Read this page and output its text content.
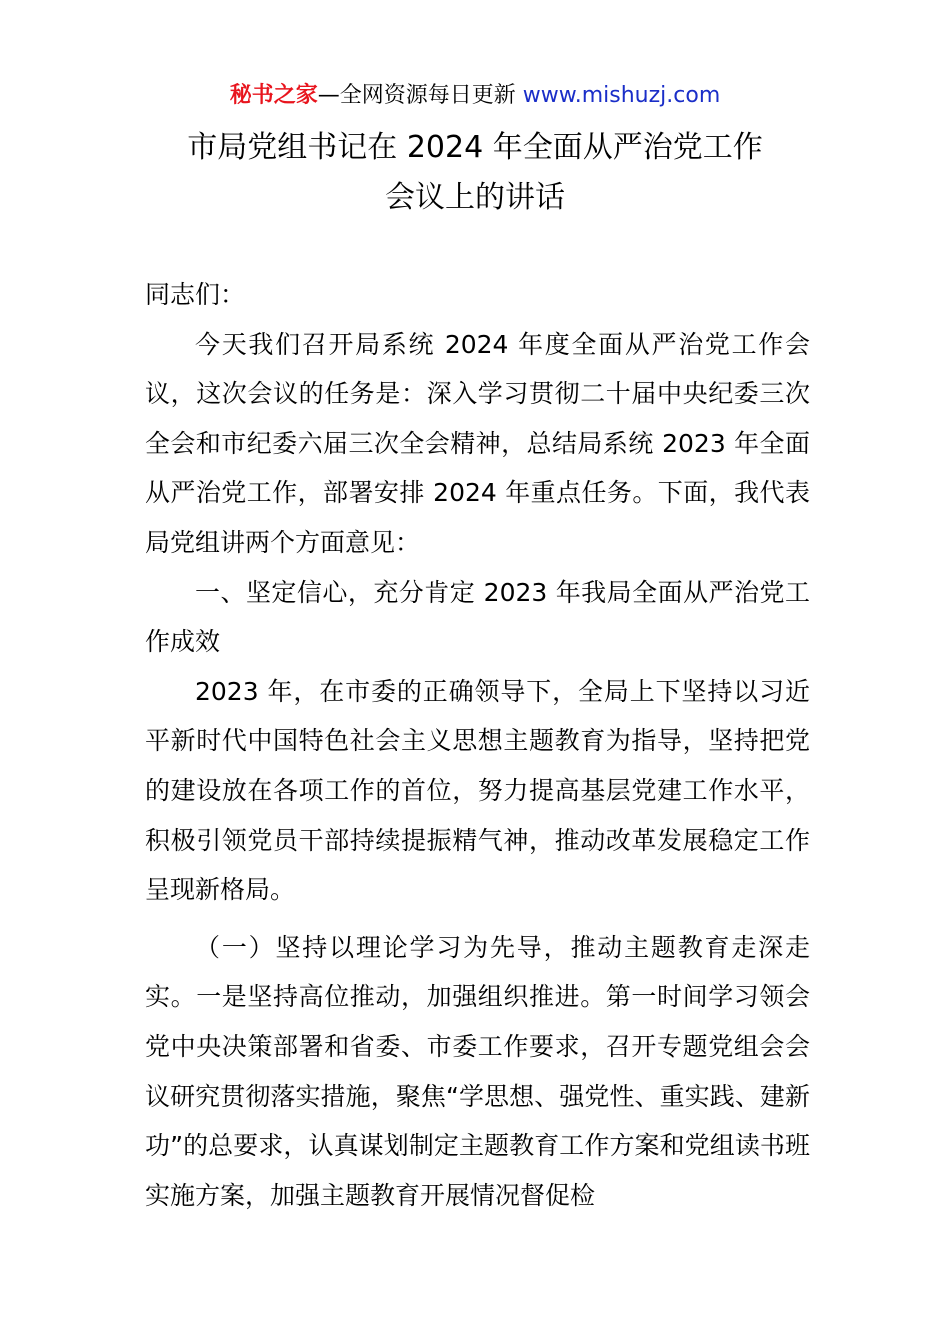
秘书之家—全网资源每日更新 www.mishuzj.com
市局党组书记在 2024 年全面从严治党工作
会议上的讲话

同志们：

今天我们召开局系统 2024 年度全面从严治党工作会议，这次会议的任务是：深入学习贯彻二十届中央纪委三次全会和市纪委六届三次全会精神，总结局系统 2023 年全面从严治党工作，部署安排 2024 年重点任务。下面，我代表局党组讲两个方面意见：

一、坚定信心，充分肯定 2023 年我局全面从严治党工作成效

2023 年，在市委的正确领导下，全局上下坚持以习近平新时代中国特色社会主义思想主题教育为指导，坚持把党的建设放在各项工作的首位，努力提高基层党建工作水平，积极引领党员干部持续提振精气神，推动改革发展稳定工作呈现新格局。

（一）坚持以理论学习为先导，推动主题教育走深走实。一是坚持高位推动，加强组织推进。第一时间学习领会党中央决策部署和省委、市委工作要求，召开专题党组会会议研究贯彻落实措施，聚焦“学思想、强党性、重实践、建新功”的总要求，认真谋划制定主题教育工作方案和党组读书班实施方案，加强主题教育开展情况督促检
